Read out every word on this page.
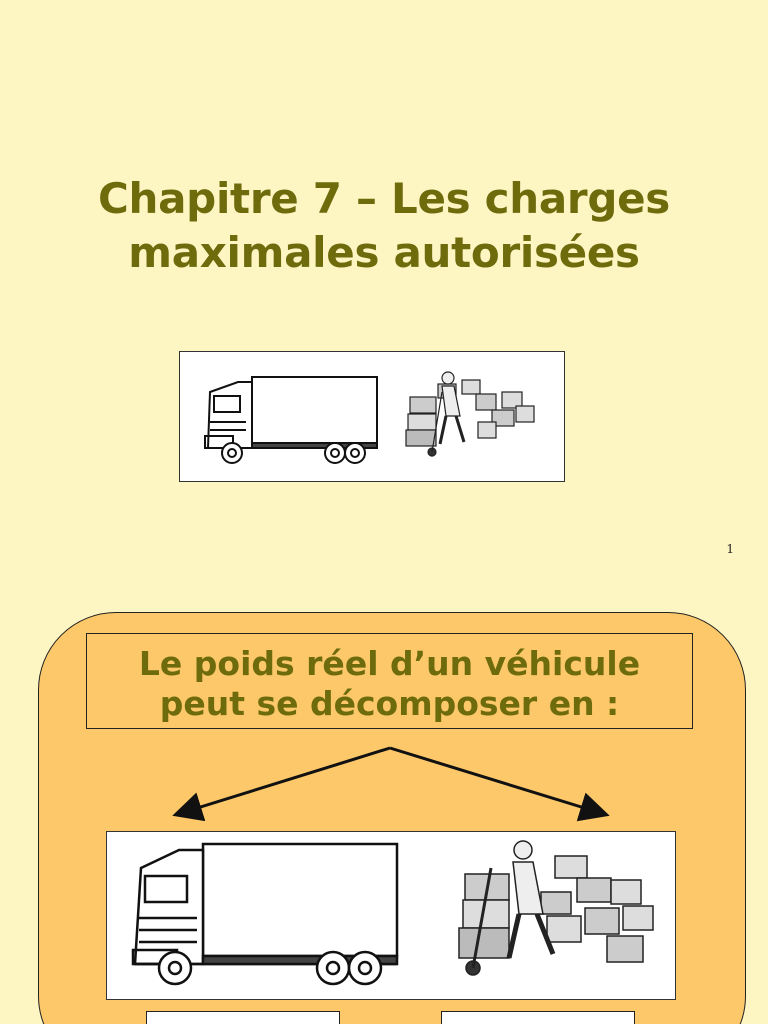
Chapitre 7 – Les charges
maximales autorisées
1
Le poids réel d’un véhicule
peut se décomposer en :
